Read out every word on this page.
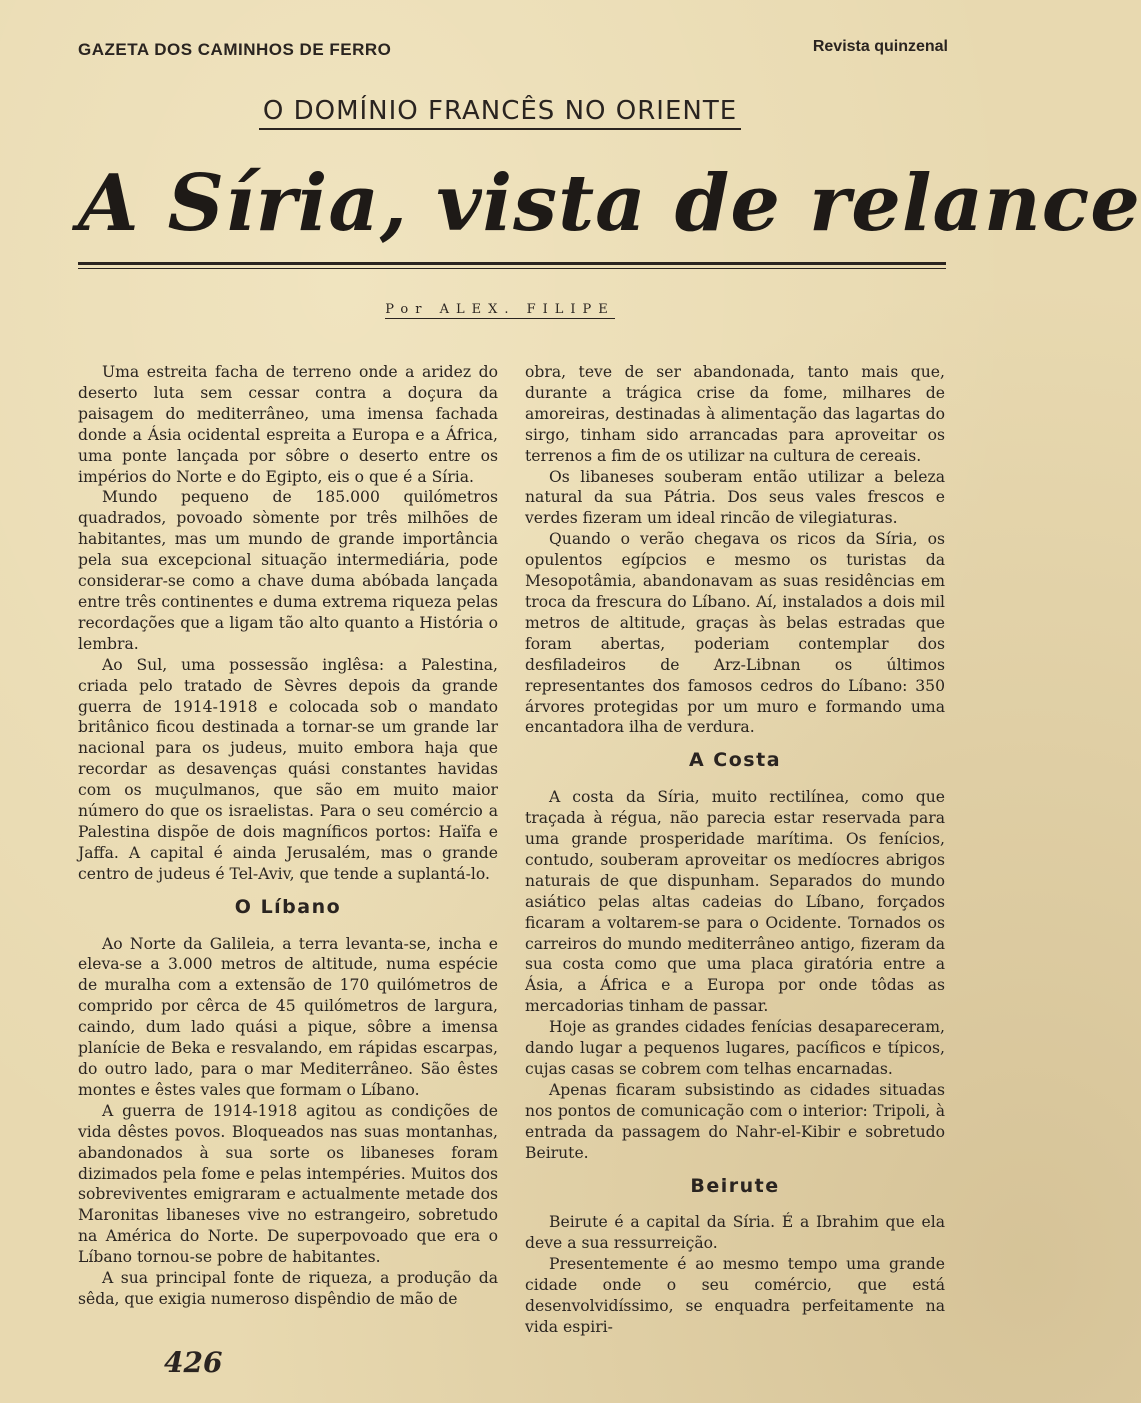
GAZETA DOS CAMINHOS DE FERRO	Revista quinzenal
O DOMÍNIO FRANCÊS NO ORIENTE
A Síria, vista de relance
Por ALEX. FILIPE

Uma estreita facha de terreno onde a aridez do deserto luta sem cessar contra a doçura da paisagem do mediterrâneo, uma imensa fachada donde a Ásia ocidental espreita a Europa e a África, uma ponte lançada por sôbre o deserto entre os impérios do Norte e do Egipto, eis o que é a Síria.

Mundo pequeno de 185.000 quilómetros quadrados, povoado sòmente por três milhões de habitantes, mas um mundo de grande importância pela sua excepcional situação intermediária, pode considerar-se como a chave duma abóbada lançada entre três continentes e duma extrema riqueza pelas recordações que a ligam tão alto quanto a História o lembra.

Ao Sul, uma possessão inglêsa: a Palestina, criada pelo tratado de Sèvres depois da grande guerra de 1914-1918 e colocada sob o mandato britânico ficou destinada a tornar-se um grande lar nacional para os judeus, muito embora haja que recordar as desavenças quási constantes havidas com os muçulmanos, que são em muito maior número do que os israelistas. Para o seu comércio a Palestina dispõe de dois magníficos portos: Haïfa e Jaffa. A capital é ainda Jerusalém, mas o grande centro de judeus é Tel-Aviv, que tende a suplantá-lo.

O Líbano

Ao Norte da Galileia, a terra levanta-se, incha e eleva-se a 3.000 metros de altitude, numa espécie de muralha com a extensão de 170 quilómetros de comprido por cêrca de 45 quilómetros de largura, caindo, dum lado quási a pique, sôbre a imensa planície de Beka e resvalando, em rápidas escarpas, do outro lado, para o mar Mediterrâneo. São êstes montes e êstes vales que formam o Líbano.

A guerra de 1914-1918 agitou as condições de vida dêstes povos. Bloqueados nas suas montanhas, abandonados à sua sorte os libaneses foram dizimados pela fome e pelas intempéries. Muitos dos sobreviventes emigraram e actualmente metade dos Maronitas libaneses vive no estrangeiro, sobretudo na América do Norte. De superpovoado que era o Líbano tornou-se pobre de habitantes.

A sua principal fonte de riqueza, a produção da sêda, que exigia numeroso dispêndio de mão de

obra, teve de ser abandonada, tanto mais que, durante a trágica crise da fome, milhares de amoreiras, destinadas à alimentação das lagartas do sirgo, tinham sido arrancadas para aproveitar os terrenos a fim de os utilizar na cultura de cereais.

Os libaneses souberam então utilizar a beleza natural da sua Pátria. Dos seus vales frescos e verdes fizeram um ideal rincão de vilegiaturas.

Quando o verão chegava os ricos da Síria, os opulentos egípcios e mesmo os turistas da Mesopotâmia, abandonavam as suas residências em troca da frescura do Líbano. Aí, instalados a dois mil metros de altitude, graças às belas estradas que foram abertas, poderiam contemplar dos desfiladeiros de Arz-Libnan os últimos representantes dos famosos cedros do Líbano: 350 árvores protegidas por um muro e formando uma encantadora ilha de verdura.

A Costa

A costa da Síria, muito rectilínea, como que traçada à régua, não parecia estar reservada para uma grande prosperidade marítima. Os fenícios, contudo, souberam aproveitar os medíocres abrigos naturais de que dispunham. Separados do mundo asiático pelas altas cadeias do Líbano, forçados ficaram a voltarem-se para o Ocidente. Tornados os carreiros do mundo mediterrâneo antigo, fizeram da sua costa como que uma placa giratória entre a Ásia, a África e a Europa por onde tôdas as mercadorias tinham de passar.

Hoje as grandes cidades fenícias desapareceram, dando lugar a pequenos lugares, pacíficos e típicos, cujas casas se cobrem com telhas encarnadas.

Apenas ficaram subsistindo as cidades situadas nos pontos de comunicação com o interior: Tripoli, à entrada da passagem do Nahr-el-Kibir e sobretudo Beirute.

Beirute

Beirute é a capital da Síria. É a Ibrahim que ela deve a sua ressurreição.

Presentemente é ao mesmo tempo uma grande cidade onde o seu comércio, que está desenvolvidíssimo, se enquadra perfeitamente na vida espiri-

426
